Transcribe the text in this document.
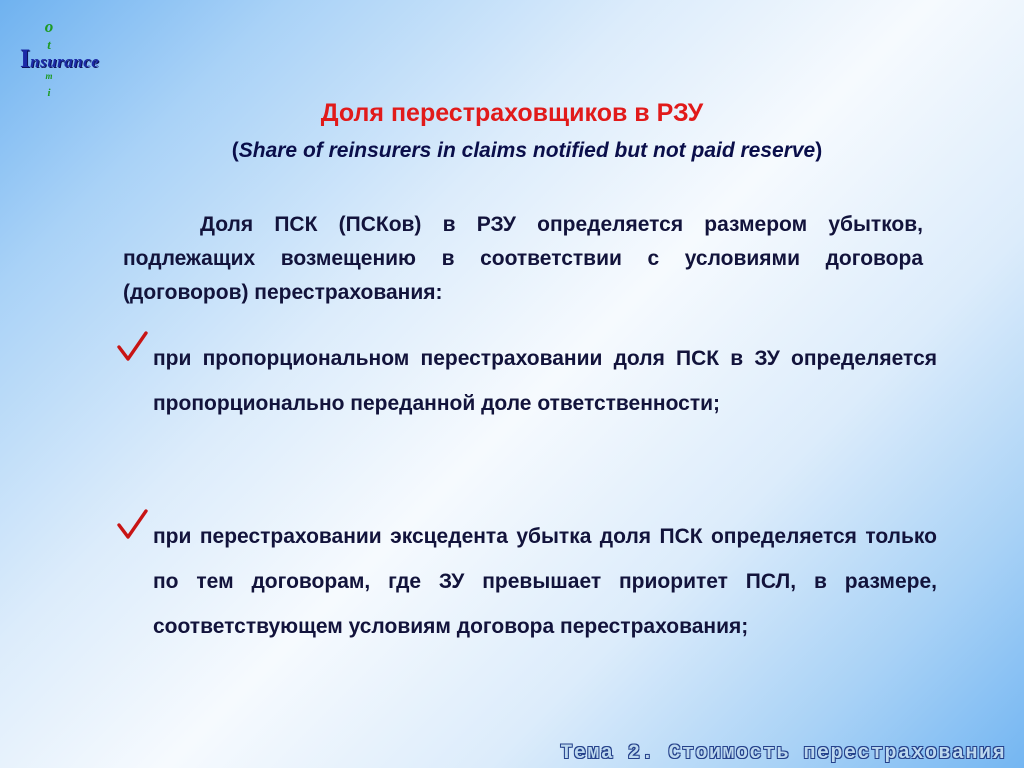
o
t
Insurance
m
i
Доля перестраховщиков в РЗУ
(Share of reinsurers in claims notified but not paid reserve)
Доля ПСК (ПСКов) в РЗУ определяется размером убытков, подлежащих возмещению в соответствии с условиями договора (договоров) перестрахования:
при пропорциональном перестраховании доля ПСК в ЗУ определяется пропорционально переданной доле ответственности;
при перестраховании эксцедента убытка доля ПСК определяется только по тем договорам, где ЗУ превышает приоритет ПСЛ, в размере, соответствующем условиям договора перестрахования;
Тема 2. Стоимость перестрахования
